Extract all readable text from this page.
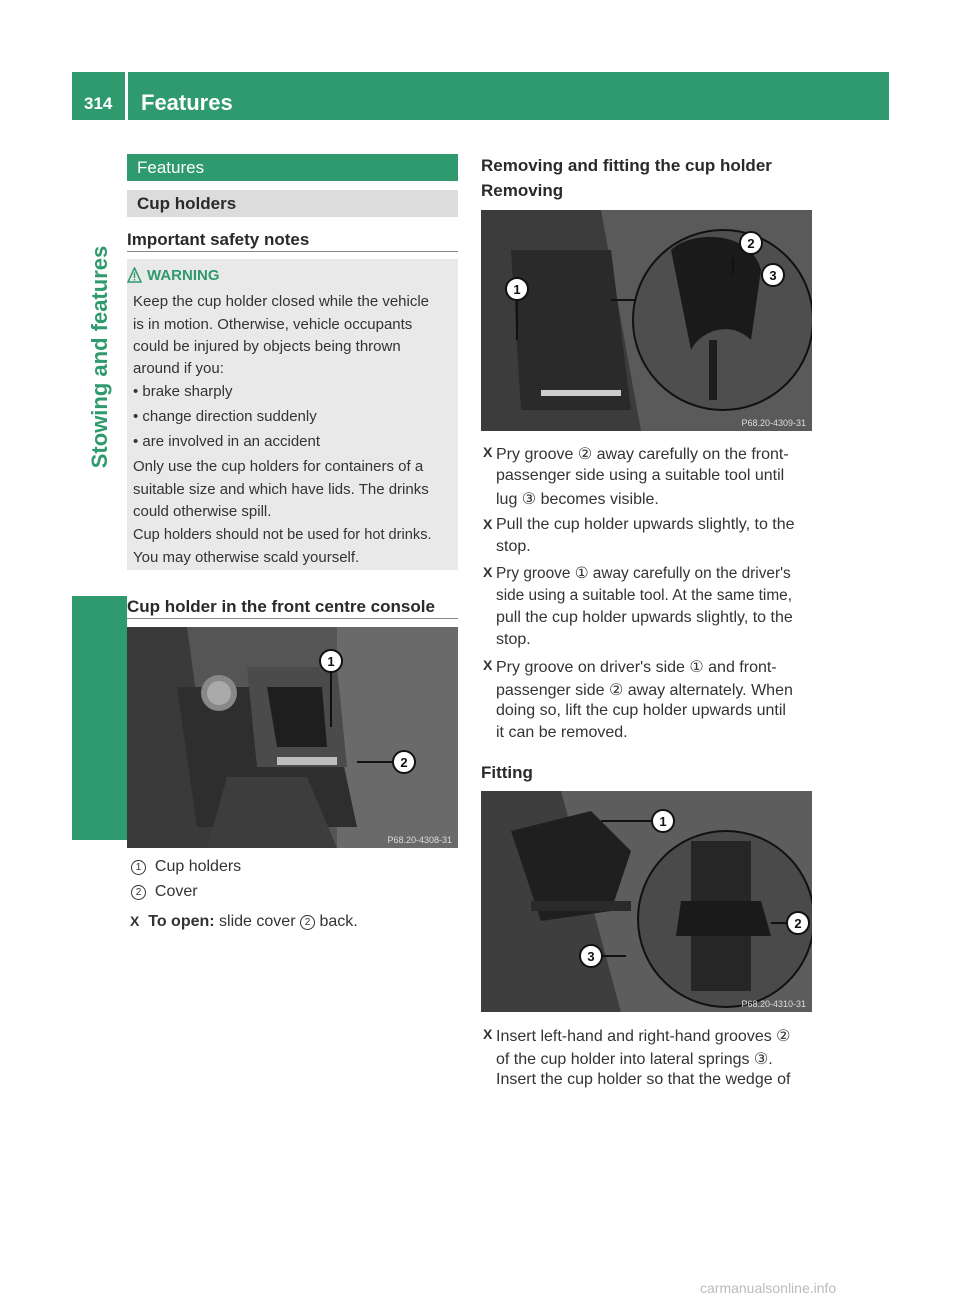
314 Features
Stowing and features
Features
Cup holders
Important safety notes
WARNING
Keep the cup holder closed while the vehicle
is in motion. Otherwise, vehicle occupants
could be injured by objects being thrown
around if you:
• brake sharply
• change direction suddenly
• are involved in an accident
Only use the cup holders for containers of a
suitable size and which have lids. The drinks
could otherwise spill.
Cup holders should not be used for hot drinks.
You may otherwise scald yourself.
Cup holder in the front centre console
1
2
P68.20-4308-31
1 Cup holders
2 Cover
X To open: slide cover 2 back.
Removing and fitting the cup holder
Removing
2
3
1
P68.20-4309-31
X Pry groove ② away carefully on the front-
passenger side using a suitable tool until
lug ③ becomes visible.
X Pull the cup holder upwards slightly, to the
stop.
X Pry groove ① away carefully on the driver's
side using a suitable tool. At the same time,
pull the cup holder upwards slightly, to the
stop.
X Pry groove on driver's side ① and front-
passenger side ② away alternately. When
doing so, lift the cup holder upwards until
it can be removed.
Fitting
1
2
3
P68.20-4310-31
X Insert left-hand and right-hand grooves ②
of the cup holder into lateral springs ③.
Insert the cup holder so that the wedge of
carmanualsonline.info
